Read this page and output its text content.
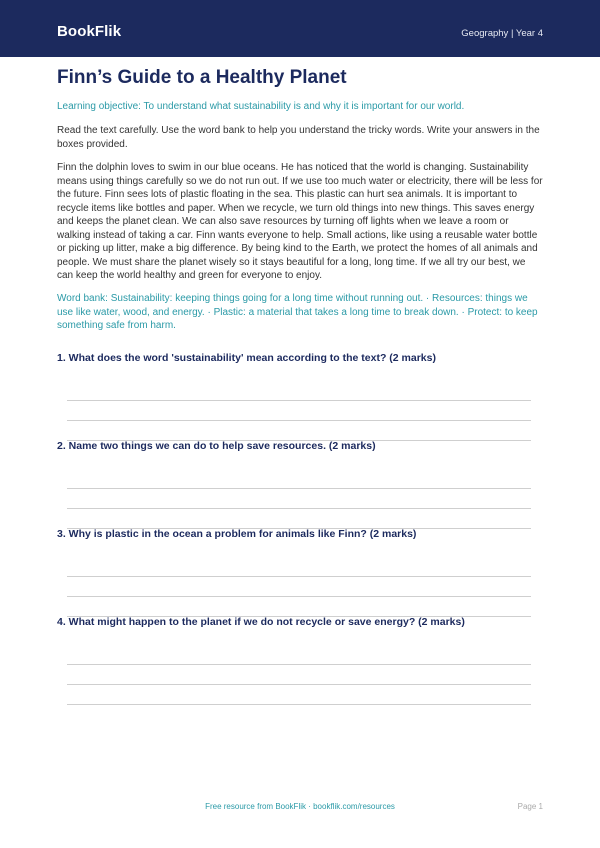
BookFlik	Geography | Year 4
Finn’s Guide to a Healthy Planet
Learning objective: To understand what sustainability is and why it is important for our world.
Read the text carefully. Use the word bank to help you understand the tricky words. Write your answers in the boxes provided.
Finn the dolphin loves to swim in our blue oceans. He has noticed that the world is changing. Sustainability means using things carefully so we do not run out. If we use too much water or electricity, there will be less for the future. Finn sees lots of plastic floating in the sea. This plastic can hurt sea animals. It is important to recycle items like bottles and paper. When we recycle, we turn old things into new things. This saves energy and keeps the planet clean. We can also save resources by turning off lights when we leave a room or walking instead of taking a car. Finn wants everyone to help. Small actions, like using a reusable water bottle or picking up litter, make a big difference. By being kind to the Earth, we protect the homes of all animals and people. We must share the planet wisely so it stays beautiful for a long, long time. If we all try our best, we can keep the world healthy and green for everyone to enjoy.
Word bank: Sustainability: keeping things going for a long time without running out. · Resources: things we use like water, wood, and energy. · Plastic: a material that takes a long time to break down. · Protect: to keep something safe from harm.
1. What does the word 'sustainability' mean according to the text? (2 marks)
2. Name two things we can do to help save resources. (2 marks)
3. Why is plastic in the ocean a problem for animals like Finn? (2 marks)
4. What might happen to the planet if we do not recycle or save energy? (2 marks)
Free resource from BookFlik · bookflik.com/resources	Page 1
